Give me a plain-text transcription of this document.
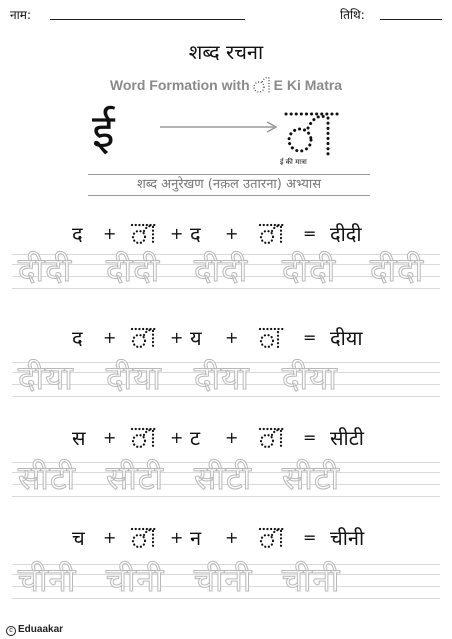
नाम:	तिथि:
शब्द रचना
Word Formation with E Ki Matra
ई
ई की मात्रा
शब्द अनुरेखण (नक़ल उतारना) अभ्यास
द +	+ द +	= दीदी
दीदी दीदी दीदी दीदी दीदी
द +	+ य +	= दीया
दीया दीया दीया दीया
स +	+ ट +	= सीटी
सीटी सीटी सीटी सीटी
च +	+ न +	= चीनी
चीनी चीनी चीनी चीनी
c Eduaakar
